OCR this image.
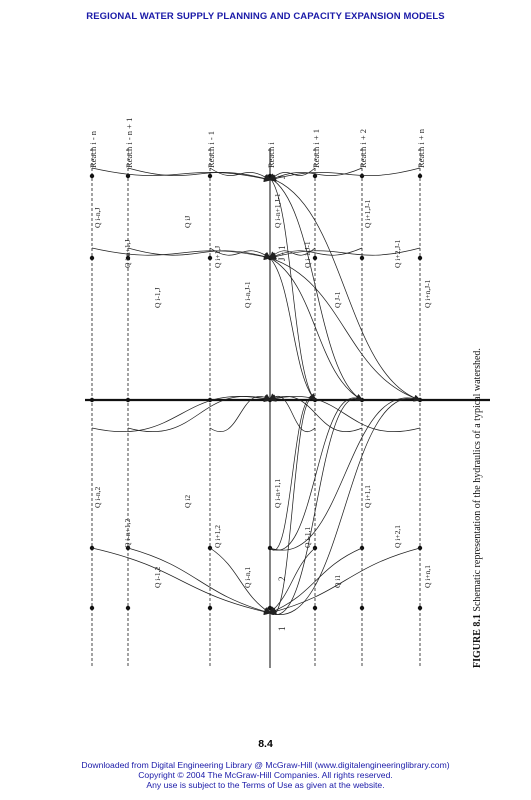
REGIONAL WATER SUPPLY PLANNING AND CAPACITY EXPANSION MODELS
Reach i - n	Reach i - n + 1	Reach i - 1	Reach i	Reach i + 1	Reach i + 2	Reach i + n
J
J - 1
2
1
Q i-n,J
Q i-n+1,J
Q i-1,J
Q iJ
Q i+1,J
Q i-n,J-1
Q i-n+1,J-1
Q i-1,J-1
Q J-1
Q i+1,J-1
Q i+2,J-1
Q i+n,J-1
Q i-n,2
Q i-n+1,2
Q i-1,2
Q i2
Q i+1,2
Q i-n,1
Q i-n+1,1
Q i-1,1
Q i1
Q i+1,1
Q i+2,1
Q i+n,1
FIGURE 8.1 Schematic representation of the hydraulics of a typical watershed.
8.4
Downloaded from Digital Engineering Library @ McGraw-Hill (www.digitalengineeringlibrary.com)
Copyright © 2004 The McGraw-Hill Companies. All rights reserved.
Any use is subject to the Terms of Use as given at the website.
